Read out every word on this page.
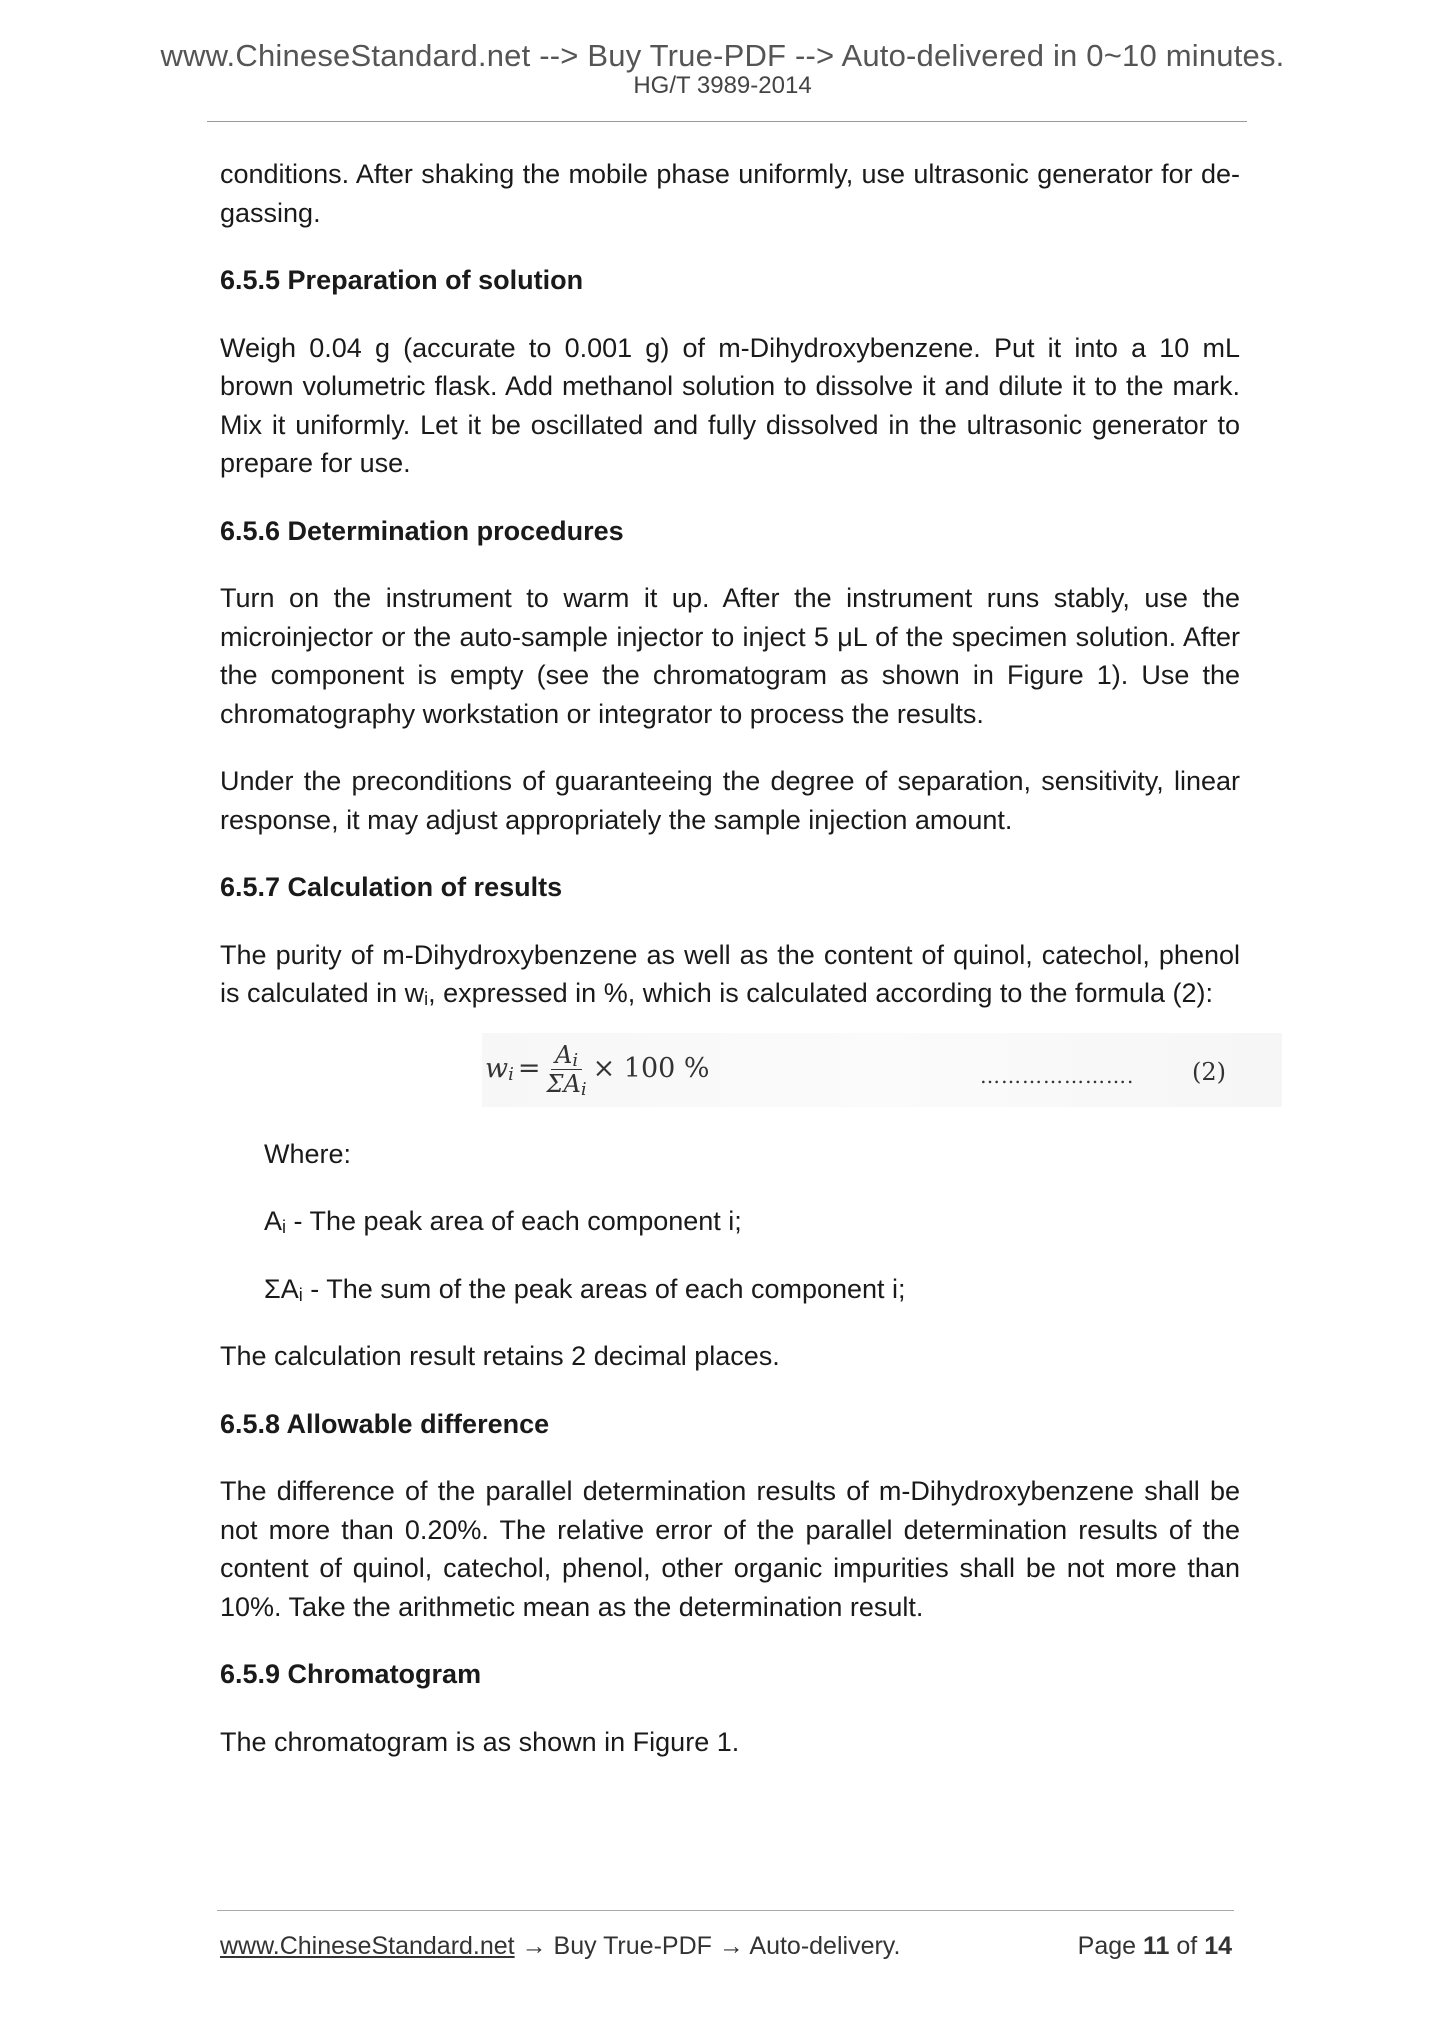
www.ChineseStandard.net --> Buy True-PDF --> Auto-delivered in 0~10 minutes.
HG/T 3989-2014

conditions. After shaking the mobile phase uniformly, use ultrasonic generator for de-gassing.

6.5.5 Preparation of solution

Weigh 0.04 g (accurate to 0.001 g) of m-Dihydroxybenzene. Put it into a 10 mL brown volumetric flask. Add methanol solution to dissolve it and dilute it to the mark. Mix it uniformly. Let it be oscillated and fully dissolved in the ultrasonic generator to prepare for use.

6.5.6 Determination procedures

Turn on the instrument to warm it up. After the instrument runs stably, use the microinjector or the auto-sample injector to inject 5 μL of the specimen solution. After the component is empty (see the chromatogram as shown in Figure 1). Use the chromatography workstation or integrator to process the results.

Under the preconditions of guaranteeing the degree of separation, sensitivity, linear response, it may adjust appropriately the sample injection amount.

6.5.7 Calculation of results

The purity of m-Dihydroxybenzene as well as the content of quinol, catechol, phenol is calculated in $w_i$, expressed in %, which is calculated according to the formula (2):

$w_i = \frac{A_i}{\Sigma A_i} \times 100$ %	…………………. (2)

Where:

$A_i$ - The peak area of each component i;

$\Sigma A_i$ - The sum of the peak areas of each component i;

The calculation result retains 2 decimal places.

6.5.8 Allowable difference

The difference of the parallel determination results of m-Dihydroxybenzene shall be not more than 0.20%. The relative error of the parallel determination results of the content of quinol, catechol, phenol, other organic impurities shall be not more than 10%. Take the arithmetic mean as the determination result.

6.5.9 Chromatogram

The chromatogram is as shown in Figure 1.

www.ChineseStandard.net → Buy True-PDF → Auto-delivery.	Page 11 of 14
